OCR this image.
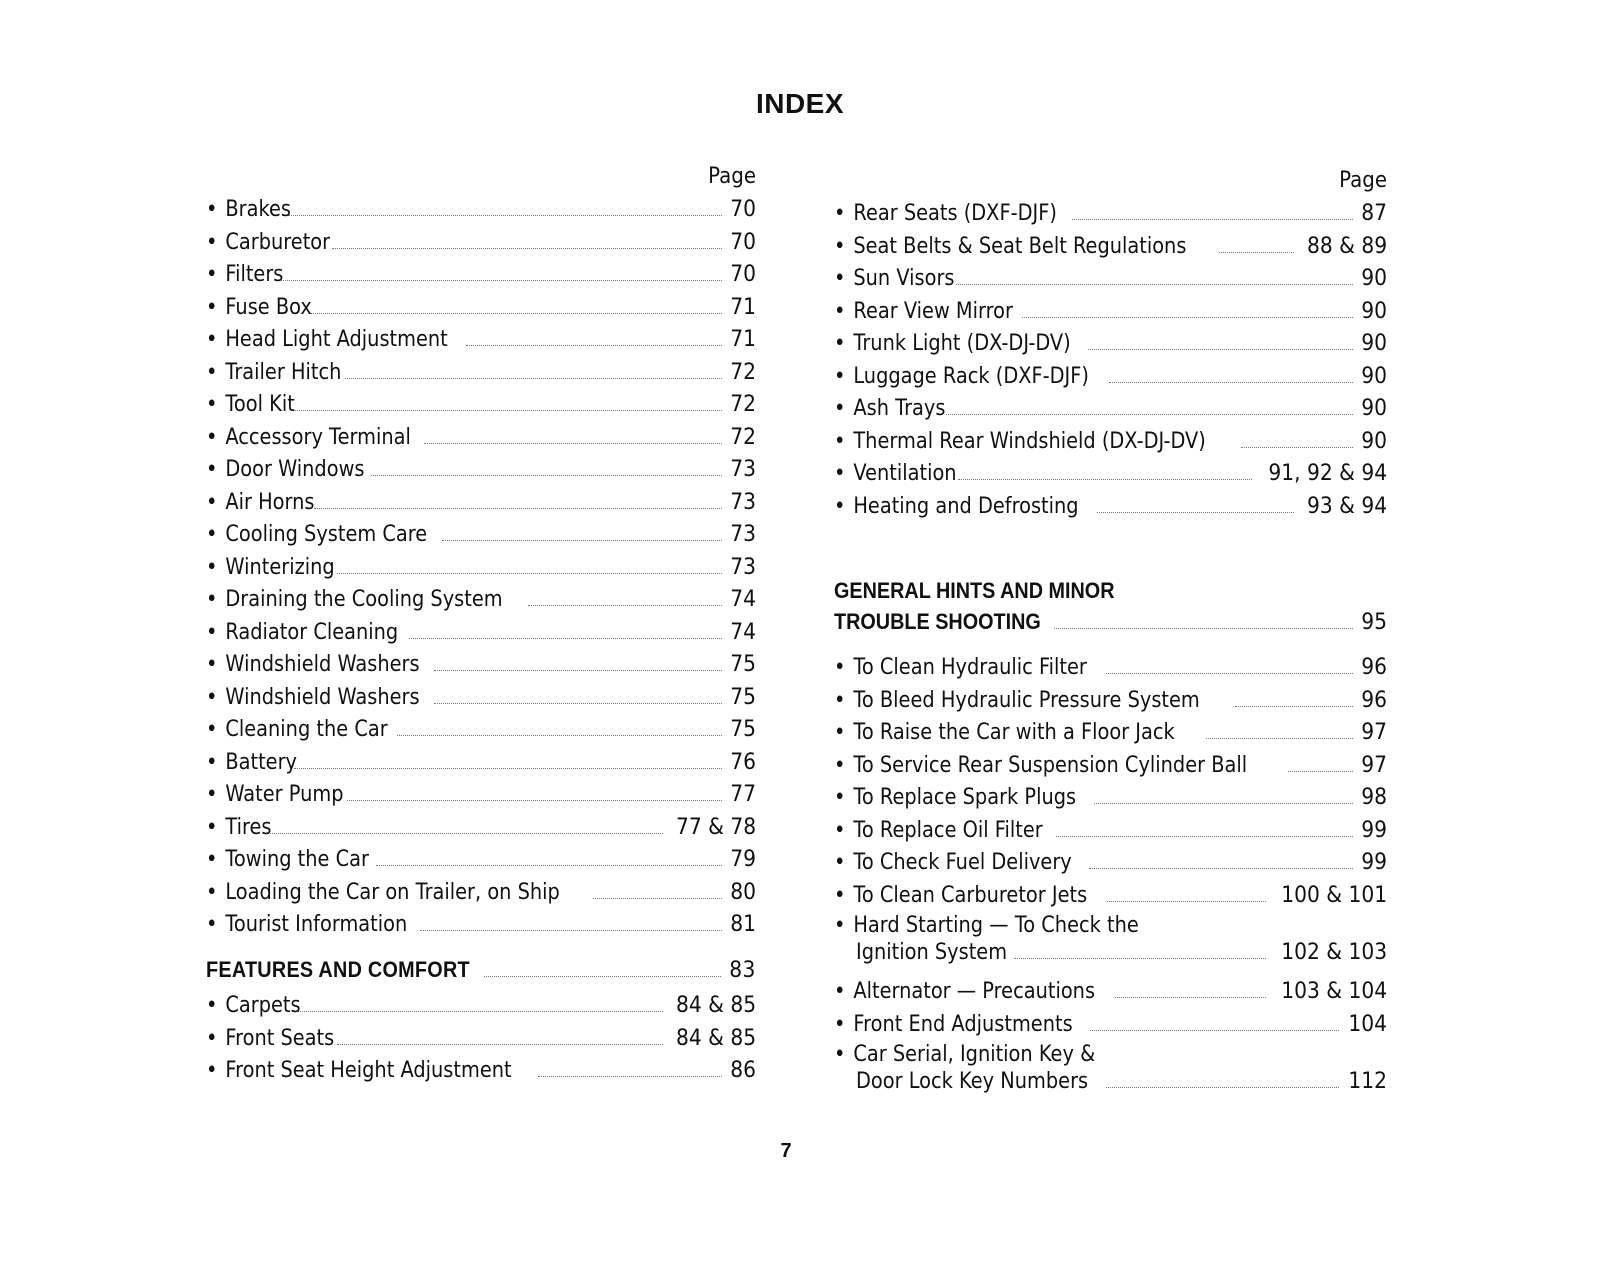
INDEX
Page
• Brakes	70
• Carburetor	70
• Filters	70
• Fuse Box	71
• Head Light Adjustment	71
• Trailer Hitch	72
• Tool Kit	72
• Accessory Terminal	72
• Door Windows	73
• Air Horns	73
• Cooling System Care	73
• Winterizing	73
• Draining the Cooling System	74
• Radiator Cleaning	74
• Windshield Washers	75
• Windshield Washers	75
• Cleaning the Car	75
• Battery	76
• Water Pump	77
• Tires	77 & 78
• Towing the Car	79
• Loading the Car on Trailer, on Ship	80
• Tourist Information	81
FEATURES AND COMFORT	83
• Carpets	84 & 85
• Front Seats	84 & 85
• Front Seat Height Adjustment	86
Page
• Rear Seats (DXF-DJF)	87
• Seat Belts & Seat Belt Regulations	88 & 89
• Sun Visors	90
• Rear View Mirror	90
• Trunk Light (DX-DJ-DV)	90
• Luggage Rack (DXF-DJF)	90
• Ash Trays	90
• Thermal Rear Windshield (DX-DJ-DV)	90
• Ventilation	91, 92 & 94
• Heating and Defrosting	93 & 94
GENERAL HINTS AND MINOR
TROUBLE SHOOTING	95
• To Clean Hydraulic Filter	96
• To Bleed Hydraulic Pressure System	96
• To Raise the Car with a Floor Jack	97
• To Service Rear Suspension Cylinder Ball	97
• To Replace Spark Plugs	98
• To Replace Oil Filter	99
• To Check Fuel Delivery	99
• To Clean Carburetor Jets	100 & 101
• Hard Starting — To Check the
Ignition System	102 & 103
• Alternator — Precautions	103 & 104
• Front End Adjustments	104
• Car Serial, Ignition Key &
Door Lock Key Numbers	112
7
